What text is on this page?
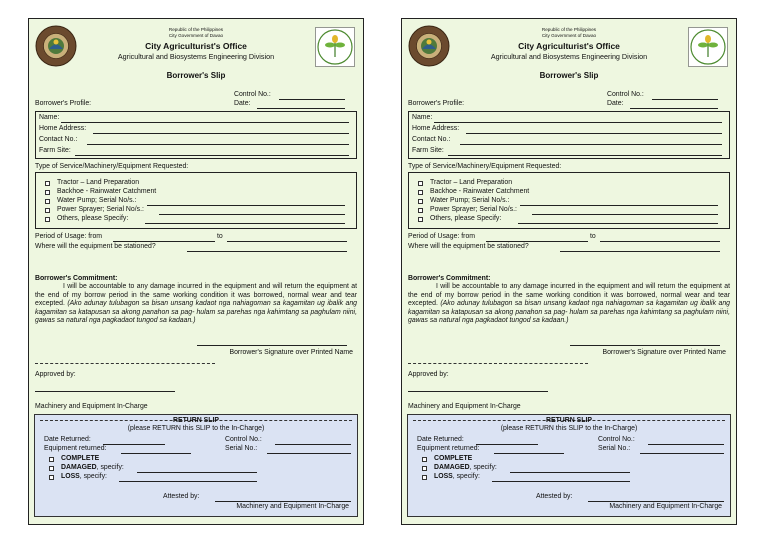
Republic of the Philippines
City Government of Davao
City Agriculturist's Office
Agricultural and Biosystems Engineering Division
Borrower's Slip
Control No.:
Borrower's Profile:	Date:
Name:
Home Address:
Contact No.:
Farm Site:
Type of Service/Machinery/Equipment Requested:
Tractor – Land Preparation
Backhoe - Rainwater Catchment
Water Pump; Serial No/s.:
Power Sprayer; Serial No/s.:
Others, please Specify:
Period of Usage: from	to
Where will the equipment be stationed?
Borrower's Commitment:
I will be accountable to any damage incurred in the equipment and will return the equipment at the end of my borrow period in the same working condition it was borrowed, normal wear and tear excepted. (Ako adunay tulubagon sa bisan unsang kadaot nga nahiagoman sa kagamitan ug ibalik ang kagamitan sa katapusan sa akong panahon sa pag- hulam sa parehas nga kahimtang sa paghulam niini, gawas sa natural nga pagkadaot tungod sa kadaan.)
Borrower's Signature over Printed Name
Approved by:
Machinery and Equipment In-Charge
RETURN SLIP
(please RETURN this SLIP to the In-Charge)
Date Returned:	Control No.:
Equipment returned:	Serial No.:
COMPLETE
DAMAGED, specify:
LOSS, specify:
Attested by:
Machinery and Equipment In-Charge
Republic of the Philippines
City Government of Davao
City Agriculturist's Office
Agricultural and Biosystems Engineering Division
Borrower's Slip
Control No.:
Borrower's Profile:	Date:
Name:
Home Address:
Contact No.:
Farm Site:
Type of Service/Machinery/Equipment Requested:
Tractor – Land Preparation
Backhoe - Rainwater Catchment
Water Pump; Serial No/s.:
Power Sprayer; Serial No/s.:
Others, please Specify:
Period of Usage: from	to
Where will the equipment be stationed?
Borrower's Commitment:
I will be accountable to any damage incurred in the equipment and will return the equipment at the end of my borrow period in the same working condition it was borrowed, normal wear and tear excepted. (Ako adunay tulubagon sa bisan unsang kadaot nga nahiagoman sa kagamitan ug ibalik ang kagamitan sa katapusan sa akong panahon sa pag- hulam sa parehas nga kahimtang sa paghulam niini, gawas sa natural nga pagkadaot tungod sa kadaan.)
Borrower's Signature over Printed Name
Approved by:
Machinery and Equipment In-Charge
RETURN SLIP
(please RETURN this SLIP to the In-Charge)
Date Returned:	Control No.:
Equipment returned:	Serial No.:
COMPLETE
DAMAGED, specify:
LOSS, specify:
Attested by:
Machinery and Equipment In-Charge
